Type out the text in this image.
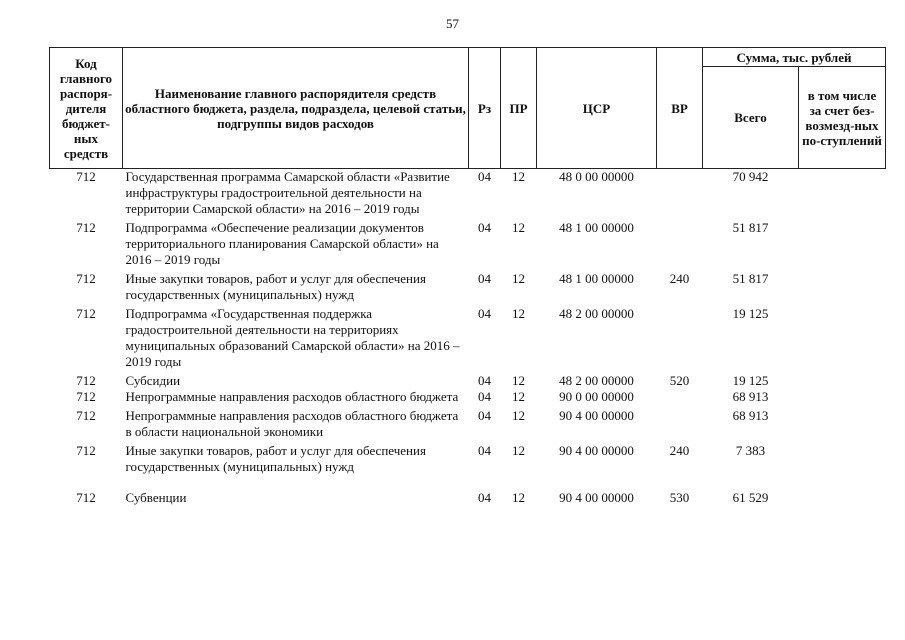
57
Код главного распоря-дителя бюджет-ных средств	Наименование главного распорядителя средств областного бюджета, раздела, подраздела, целевой статьи, подгруппы видов расходов	Рз	ПР	ЦСР	ВР	Сумма, тыс. рублей	
						Всего	в том числе за счет без-возмезд-ных по-ступлений
712	Государственная программа Самарской области «Развитие инфраструктуры градостроительной деятельности на территории Самарской области» на 2016 – 2019 годы	04	12	48 0 00 00000		70 942	
712	Подпрограмма «Обеспечение реализации документов территориального планирования Самарской области» на 2016 – 2019 годы	04	12	48 1 00 00000		51 817	
712	Иные закупки товаров, работ и услуг для обеспечения государственных (муниципальных) нужд	04	12	48 1 00 00000	240	51 817	
712	Подпрограмма «Государственная поддержка градостроительной деятельности на территориях муниципальных образований Самарской области» на 2016 – 2019 годы	04	12	48 2 00 00000		19 125	
712	Субсидии	04	12	48 2 00 00000	520	19 125	
712	Непрограммные направления расходов областного бюджета	04	12	90 0 00 00000		68 913	
712	Непрограммные направления расходов областного бюджета в области национальной экономики	04	12	90 4 00 00000		68 913	
712	Иные закупки товаров, работ и услуг для обеспечения государственных (муниципальных) нужд	04	12	90 4 00 00000	240	7 383	

712	Субвенции	04	12	90 4 00 00000	530	61 529	
